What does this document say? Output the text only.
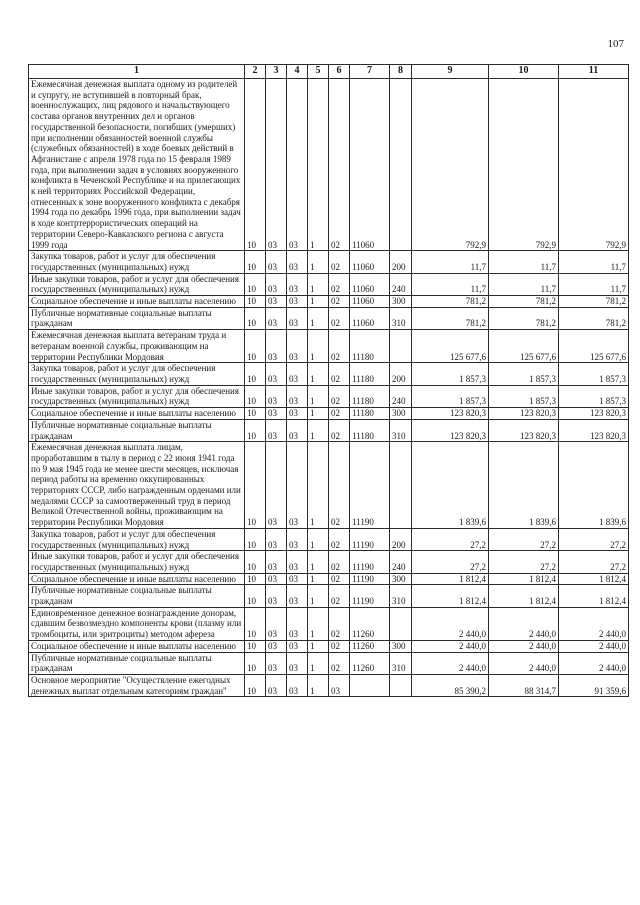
107
1	2	3	4	5	6	7	8	9	10	11
Ежемесячная денежная выплата одному из родителей и супругу, не вступившей в повторный брак, военнослужащих, лиц рядового и начальствующего состава органов внутренних дел и органов государственной безопасности, погибших (умерших) при исполнении обязанностей военной службы (служебных обязанностей) в ходе боевых действий в Афганистане с апреля 1978 года по 15 февраля 1989 года, при выполнении задач в условиях вооруженного конфликта в Чеченской Республике и на прилегающих к ней территориях Российской Федерации, отнесенных к зоне вооруженного конфликта с декабря 1994 года по декабрь 1996 года, при выполнении задач в ходе контртеррористических операций на территории Северо-Кавказского региона с августа 1999 года	10	03	03	1	02	11060		792,9	792,9	792,9
Закупка товаров, работ и услуг для обеспечения государственных (муниципальных) нужд	10	03	03	1	02	11060	200	11,7	11,7	11,7
Иные закупки товаров, работ и услуг для обеспечения государственных (муниципальных) нужд	10	03	03	1	02	11060	240	11,7	11,7	11,7
Социальное обеспечение и иные выплаты населению	10	03	03	1	02	11060	300	781,2	781,2	781,2
Публичные нормативные социальные выплаты гражданам	10	03	03	1	02	11060	310	781,2	781,2	781,2
Ежемесячная денежная выплата ветеранам труда и ветеранам военной службы, проживающим на территории Республики Мордовия	10	03	03	1	02	11180		125 677,6	125 677,6	125 677,6
Закупка товаров, работ и услуг для обеспечения государственных (муниципальных) нужд	10	03	03	1	02	11180	200	1 857,3	1 857,3	1 857,3
Иные закупки товаров, работ и услуг для обеспечения государственных (муниципальных) нужд	10	03	03	1	02	11180	240	1 857,3	1 857,3	1 857,3
Социальное обеспечение и иные выплаты населению	10	03	03	1	02	11180	300	123 820,3	123 820,3	123 820,3
Публичные нормативные социальные выплаты гражданам	10	03	03	1	02	11180	310	123 820,3	123 820,3	123 820,3
Ежемесячная денежная выплата лицам, проработавшим в тылу в период с 22 июня 1941 года по 9 мая 1945 года не менее шести месяцев, исключая период работы на временно оккупированных территориях СССР, либо награжденным орденами или медалями СССР за самоотверженный труд в период Великой Отечественной войны, проживающим на территории Республики Мордовия	10	03	03	1	02	11190		1 839,6	1 839,6	1 839,6
Закупка товаров, работ и услуг для обеспечения государственных (муниципальных) нужд	10	03	03	1	02	11190	200	27,2	27,2	27,2
Иные закупки товаров, работ и услуг для обеспечения государственных (муниципальных) нужд	10	03	03	1	02	11190	240	27,2	27,2	27,2
Социальное обеспечение и иные выплаты населению	10	03	03	1	02	11190	300	1 812,4	1 812,4	1 812,4
Публичные нормативные социальные выплаты гражданам	10	03	03	1	02	11190	310	1 812,4	1 812,4	1 812,4
Единовременное денежное вознаграждение донорам, сдавшим безвозмездно компоненты крови (плазму или тромбоциты, или эритроциты) методом афереза	10	03	03	1	02	11260		2 440,0	2 440,0	2 440,0
Социальное обеспечение и иные выплаты населению	10	03	03	1	02	11260	300	2 440,0	2 440,0	2 440,0
Публичные нормативные социальные выплаты гражданам	10	03	03	1	02	11260	310	2 440,0	2 440,0	2 440,0
Основное мероприятие "Осуществление ежегодных денежных выплат отдельным категориям граждан"	10	03	03	1	03			85 390,2	88 314,7	91 359,6
